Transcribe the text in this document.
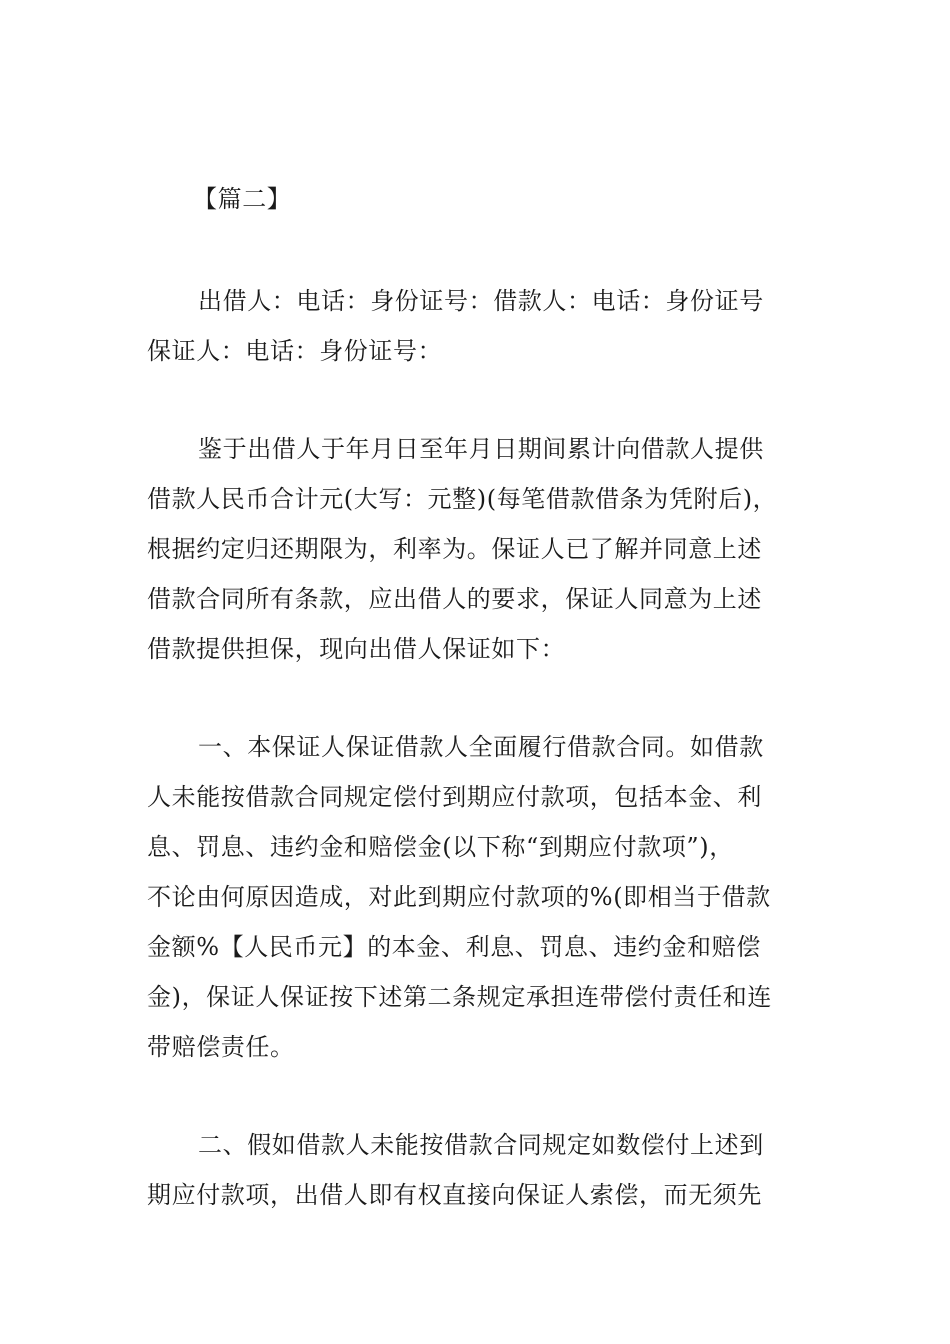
【篇二】
出借人：电话：身份证号：借款人：电话：身份证号
保证人：电话：身份证号：
鉴于出借人于年月日至年月日期间累计向借款人提供
借款人民币合计元(大写：元整)(每笔借款借条为凭附后)，
根据约定归还期限为，利率为。保证人已了解并同意上述
借款合同所有条款，应出借人的要求，保证人同意为上述
借款提供担保，现向出借人保证如下：
一、本保证人保证借款人全面履行借款合同。如借款
人未能按借款合同规定偿付到期应付款项，包括本金、利
息、罚息、违约金和赔偿金(以下称“到期应付款项”)，
不论由何原因造成，对此到期应付款项的%(即相当于借款
金额%【人民币元】的本金、利息、罚息、违约金和赔偿
金)，保证人保证按下述第二条规定承担连带偿付责任和连
带赔偿责任。
二、假如借款人未能按借款合同规定如数偿付上述到
期应付款项，出借人即有权直接向保证人索偿，而无须先
